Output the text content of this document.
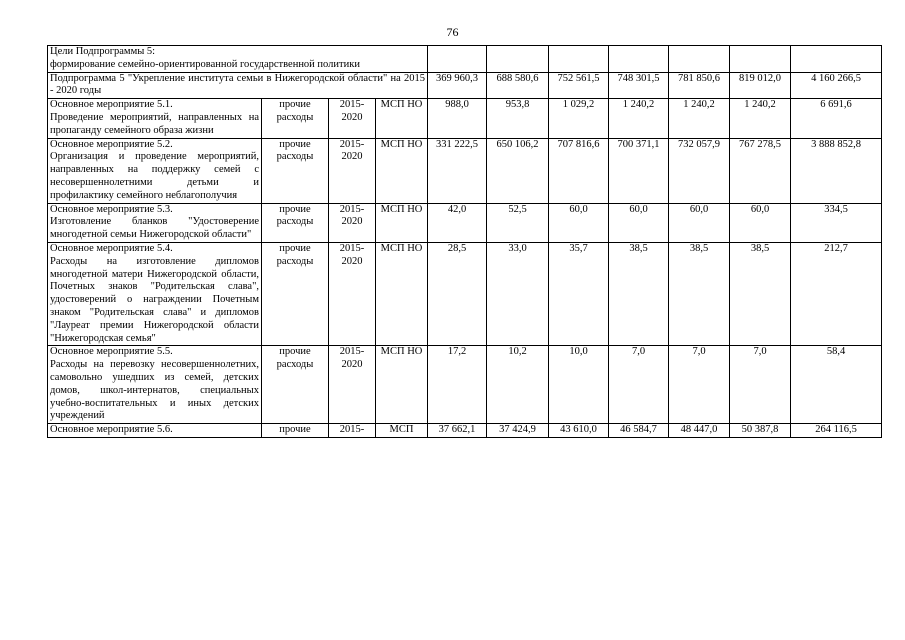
76
Цели Подпрограммы 5:
формирование семейно-ориентированной государственной политики										

Подпрограмма 5 "Укрепление института семьи в Нижегородской области" на 2015 - 2020 годы				369 960,3	688 580,6	752 561,5	748 301,5	781 850,6	819 012,0	4 160 266,5

Основное мероприятие 5.1.
Проведение мероприятий, направленных на пропаганду семейного образа жизни	прочие расходы	2015-2020	МСП НО	988,0	953,8	1 029,2	1 240,2	1 240,2	1 240,2	6 691,6

Основное мероприятие 5.2.
Организация и проведение мероприятий, направленных на поддержку семей с несовершеннолетними детьми и профилактику семейного неблагополучия	прочие расходы	2015-2020	МСП НО	331 222,5	650 106,2	707 816,6	700 371,1	732 057,9	767 278,5	3 888 852,8

Основное мероприятие 5.3.
Изготовление бланков "Удостоверение многодетной семьи Нижегородской области"	прочие расходы	2015-2020	МСП НО	42,0	52,5	60,0	60,0	60,0	60,0	334,5

Основное мероприятие 5.4.
Расходы на изготовление дипломов многодетной матери Нижегородской области, Почетных знаков "Родительская слава", удостоверений о награждении Почетным знаком "Родительская слава" и дипломов "Лауреат премии Нижегородской области "Нижегородская семья"	прочие расходы	2015-2020	МСП НО	28,5	33,0	35,7	38,5	38,5	38,5	212,7

Основное мероприятие 5.5.
Расходы на перевозку несовершеннолетних, самовольно ушедших из семей, детских домов, школ-интернатов, специальных учебно-воспитательных и иных детских учреждений	прочие расходы	2015-2020	МСП НО	17,2	10,2	10,0	7,0	7,0	7,0	58,4

Основное мероприятие 5.6.	прочие	2015-	МСП	37 662,1	37 424,9	43 610,0	46 584,7	48 447,0	50 387,8	264 116,5
